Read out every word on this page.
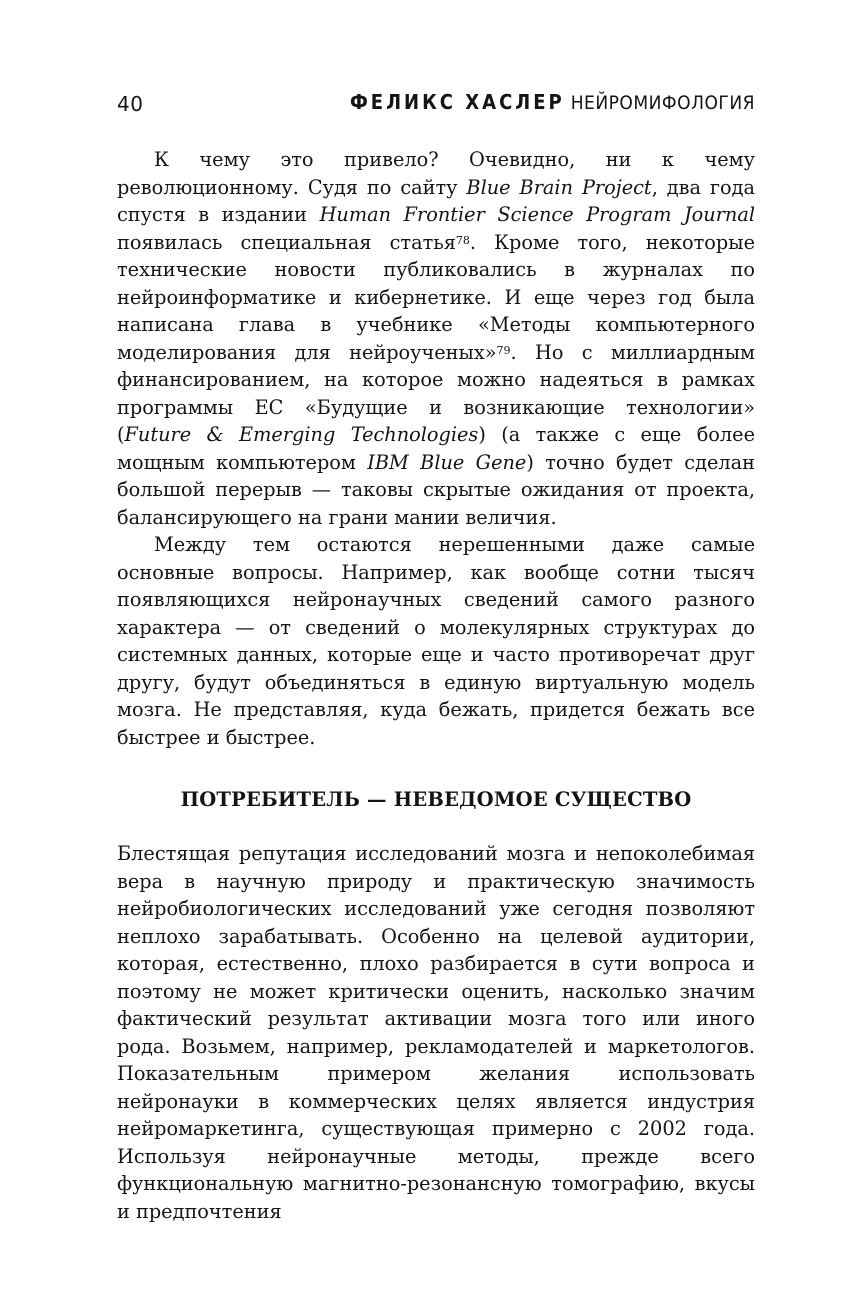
40	ФЕЛИКС ХАСЛЕР НЕЙРОМИФОЛОГИЯ

К чему это привело? Очевидно, ни к чему революционному. Судя по сайту Blue Brain Project, два года спустя в издании Human Frontier Science Program Journal появилась специальная статья$^{78}$. Кроме того, некоторые технические новости публиковались в журналах по нейроинформатике и кибернетике. И еще через год была написана глава в учебнике «Методы компьютерного моделирования для нейроученых»$^{79}$. Но с миллиардным финансированием, на которое можно надеяться в рамках программы ЕС «Будущие и возникающие технологии» (Future & Emerging Technologies) (а также с еще более мощным компьютером IBM Blue Gene) точно будет сделан большой перерыв — таковы скрытые ожидания от проекта, балансирующего на грани мании величия.

Между тем остаются нерешенными даже самые основные вопросы. Например, как вообще сотни тысяч появляющихся нейронаучных сведений самого разного характера — от сведений о молекулярных структурах до системных данных, которые еще и часто противоречат друг другу, будут объединяться в единую виртуальную модель мозга. Не представляя, куда бежать, придется бежать все быстрее и быстрее.

ПОТРЕБИТЕЛЬ — НЕВЕДОМОЕ СУЩЕСТВО

Блестящая репутация исследований мозга и непоколебимая вера в научную природу и практическую значимость нейробиологических исследований уже сегодня позволяют неплохо зарабатывать. Особенно на целевой аудитории, которая, естественно, плохо разбирается в сути вопроса и поэтому не может критически оценить, насколько значим фактический результат активации мозга того или иного рода. Возьмем, например, рекламодателей и маркетологов. Показательным примером желания использовать нейронауки в коммерческих целях является индустрия нейромаркетинга, существующая примерно с 2002 года. Используя нейронаучные методы, прежде всего функциональную магнитно-резонансную томографию, вкусы и предпочтения
